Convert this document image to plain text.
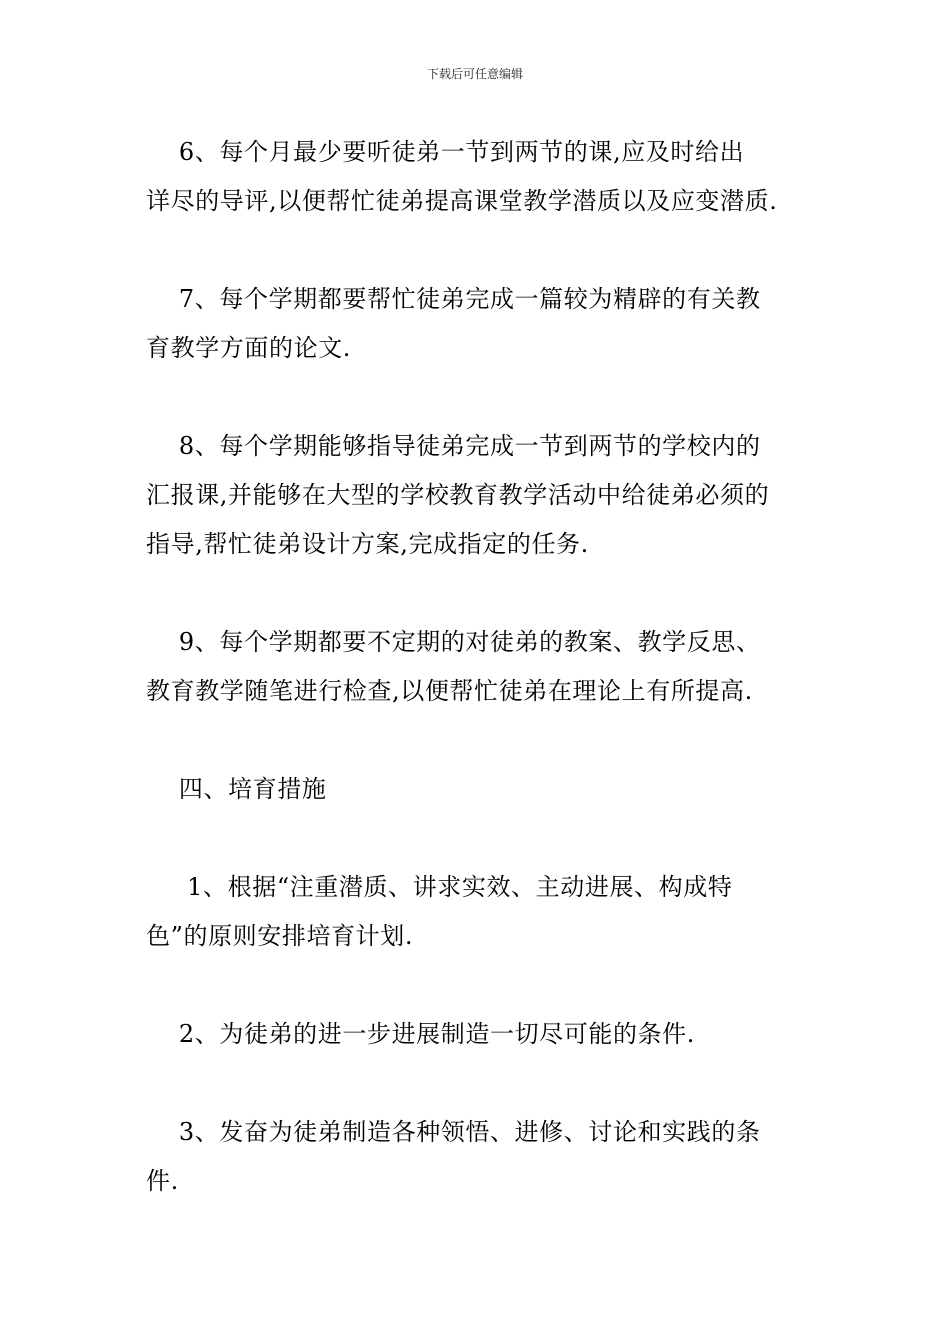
下载后可任意编辑

6、每个月最少要听徒弟一节到两节的课,应及时给出

详尽的导评,以便帮忙徒弟提高课堂教学潜质以及应变潜质.

7、每个学期都要帮忙徒弟完成一篇较为精辟的有关教

育教学方面的论文.

8、每个学期能够指导徒弟完成一节到两节的学校内的

汇报课,并能够在大型的学校教育教学活动中给徒弟必须的

指导,帮忙徒弟设计方案,完成指定的任务.

9、每个学期都要不定期的对徒弟的教案、教学反思、

教育教学随笔进行检查,以便帮忙徒弟在理论上有所提高.

四、培育措施

1、根据“注重潜质、讲求实效、主动进展、构成特

色”的原则安排培育计划.

2、为徒弟的进一步进展制造一切尽可能的条件.

3、发奋为徒弟制造各种领悟、进修、讨论和实践的条

件.
